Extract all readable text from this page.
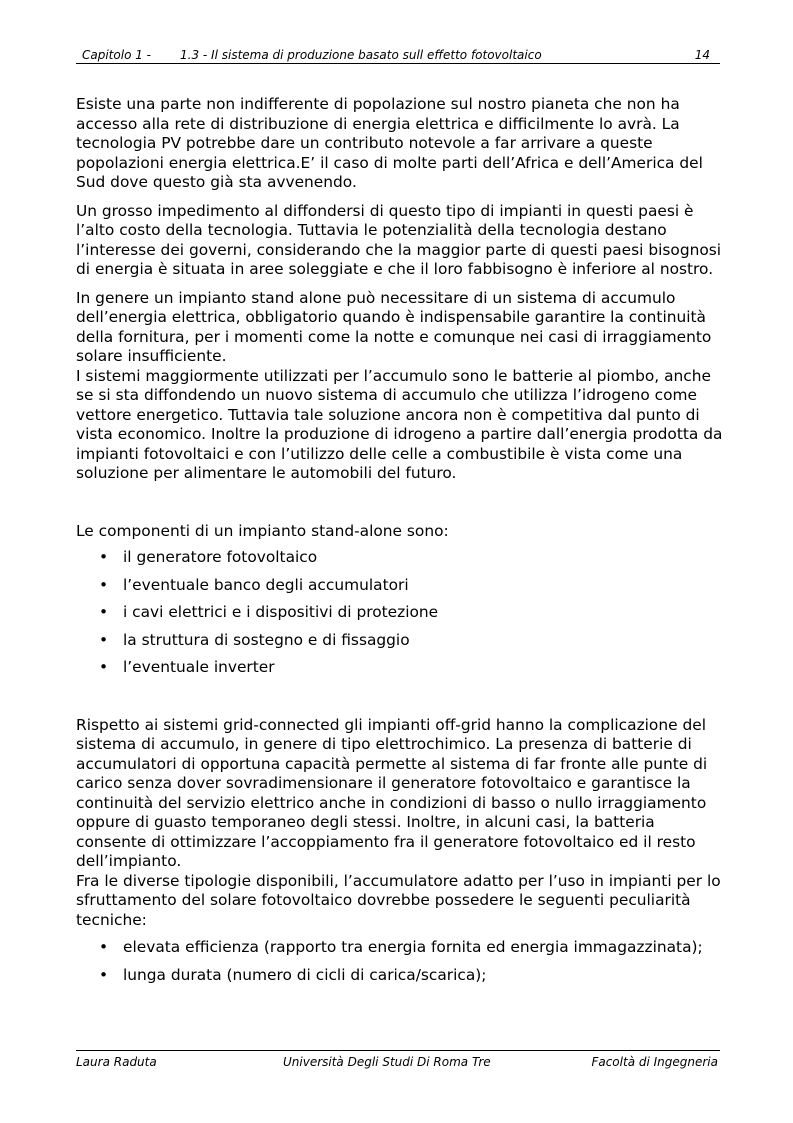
Capitolo 1 - 1.3 - Il sistema di produzione basato sull effetto fotovoltaico	14

Esiste una parte non indifferente di popolazione sul nostro pianeta che non ha accesso alla rete di distribuzione di energia elettrica e difficilmente lo avrà. La tecnologia PV potrebbe dare un contributo notevole a far arrivare a queste popolazioni energia elettrica.E’ il caso di molte parti dell’Africa e dell’America del Sud dove questo già sta avvenendo.

Un grosso impedimento al diffondersi di questo tipo di impianti in questi paesi è l’alto costo della tecnologia. Tuttavia le potenzialità della tecnologia destano l’interesse dei governi, considerando che la maggior parte di questi paesi bisognosi di energia è situata in aree soleggiate e che il loro fabbisogno è inferiore al nostro.

In genere un impianto stand alone può necessitare di un sistema di accumulo dell’energia elettrica, obbligatorio quando è indispensabile garantire la continuità della fornitura, per i momenti come la notte e comunque nei casi di irraggiamento solare insufficiente.

I sistemi maggiormente utilizzati per l’accumulo sono le batterie al piombo, anche se si sta diffondendo un nuovo sistema di accumulo che utilizza l’idrogeno come vettore energetico. Tuttavia tale soluzione ancora non è competitiva dal punto di vista economico. Inoltre la produzione di idrogeno a partire dall’energia prodotta da impianti fotovoltaici e con l’utilizzo delle celle a combustibile è vista come una soluzione per alimentare le automobili del futuro.

Le componenti di un impianto stand-alone sono:

• il generatore fotovoltaico
• l’eventuale banco degli accumulatori
• i cavi elettrici e i dispositivi di protezione
• la struttura di sostegno e di fissaggio
• l’eventuale inverter

Rispetto ai sistemi grid-connected gli impianti off-grid hanno la complicazione del sistema di accumulo, in genere di tipo elettrochimico. La presenza di batterie di accumulatori di opportuna capacità permette al sistema di far fronte alle punte di carico senza dover sovradimensionare il generatore fotovoltaico e garantisce la continuità del servizio elettrico anche in condizioni di basso o nullo irraggiamento oppure di guasto temporaneo degli stessi. Inoltre, in alcuni casi, la batteria consente di ottimizzare l’accoppiamento fra il generatore fotovoltaico ed il resto dell’impianto.

Fra le diverse tipologie disponibili, l’accumulatore adatto per l’uso in impianti per lo sfruttamento del solare fotovoltaico dovrebbe possedere le seguenti peculiarità tecniche:

• elevata efficienza (rapporto tra energia fornita ed energia immagazzinata);
• lunga durata (numero di cicli di carica/scarica);
Laura Raduta	Università Degli Studi Di Roma Tre	Facoltà di Ingegneria
